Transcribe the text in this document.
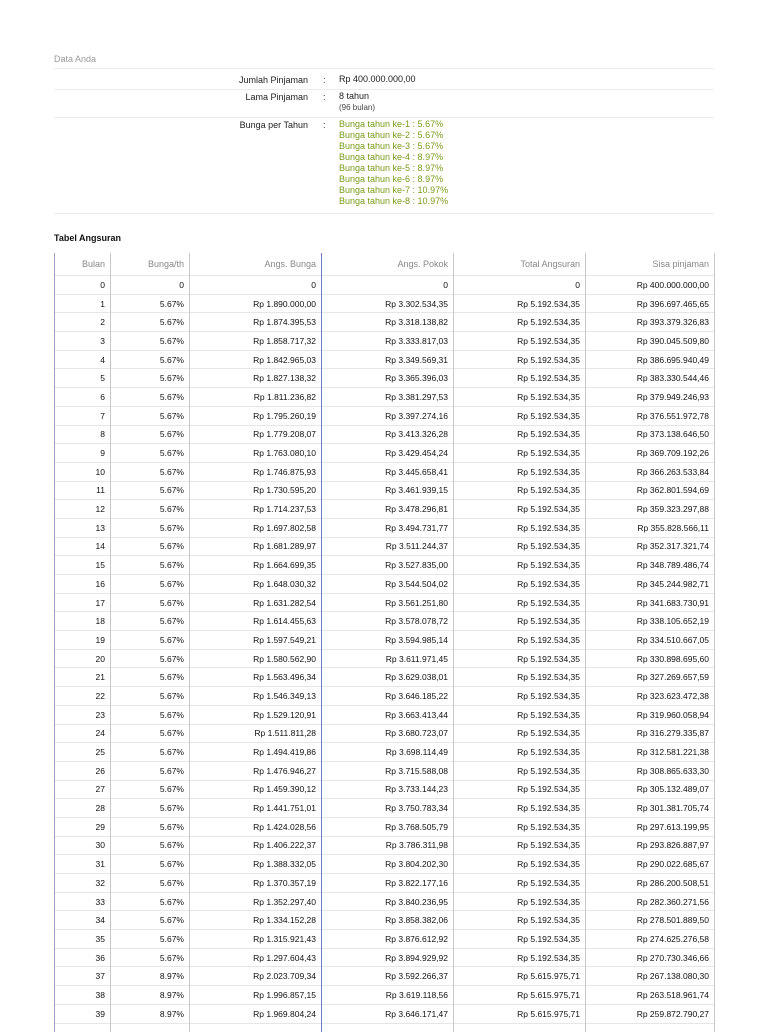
Data Anda
Jumlah Pinjaman : Rp 400.000.000,00
Lama Pinjaman : 8 tahun
(96 bulan)
Bunga per Tahun : Bunga tahun ke-1 : 5.67%
Bunga tahun ke-2 : 5.67%
Bunga tahun ke-3 : 5.67%
Bunga tahun ke-4 : 8.97%
Bunga tahun ke-5 : 8.97%
Bunga tahun ke-6 : 8.97%
Bunga tahun ke-7 : 10.97%
Bunga tahun ke-8 : 10.97%
Tabel Angsuran
Bulan	Bunga/th	Angs. Bunga	Angs. Pokok	Total Angsuran	Sisa pinjaman
0	0	0	0	0	Rp 400.000.000,00
1	5.67%	Rp 1.890.000,00	Rp 3.302.534,35	Rp 5.192.534,35	Rp 396.697.465,65
2	5.67%	Rp 1.874.395,53	Rp 3.318.138,82	Rp 5.192.534,35	Rp 393.379.326,83
3	5.67%	Rp 1.858.717,32	Rp 3.333.817,03	Rp 5.192.534,35	Rp 390.045.509,80
4	5.67%	Rp 1.842.965,03	Rp 3.349.569,31	Rp 5.192.534,35	Rp 386.695.940,49
5	5.67%	Rp 1.827.138,32	Rp 3.365.396,03	Rp 5.192.534,35	Rp 383.330.544,46
6	5.67%	Rp 1.811.236,82	Rp 3.381.297,53	Rp 5.192.534,35	Rp 379.949.246,93
7	5.67%	Rp 1.795.260,19	Rp 3.397.274,16	Rp 5.192.534,35	Rp 376.551.972,78
8	5.67%	Rp 1.779.208,07	Rp 3.413.326,28	Rp 5.192.534,35	Rp 373.138.646,50
9	5.67%	Rp 1.763.080,10	Rp 3.429.454,24	Rp 5.192.534,35	Rp 369.709.192,26
10	5.67%	Rp 1.746.875,93	Rp 3.445.658,41	Rp 5.192.534,35	Rp 366.263.533,84
11	5.67%	Rp 1.730.595,20	Rp 3.461.939,15	Rp 5.192.534,35	Rp 362.801.594,69
12	5.67%	Rp 1.714.237,53	Rp 3.478.296,81	Rp 5.192.534,35	Rp 359.323.297,88
13	5.67%	Rp 1.697.802,58	Rp 3.494.731,77	Rp 5.192.534,35	Rp 355.828.566,11
14	5.67%	Rp 1.681.289,97	Rp 3.511.244,37	Rp 5.192.534,35	Rp 352.317.321,74
15	5.67%	Rp 1.664.699,35	Rp 3.527.835,00	Rp 5.192.534,35	Rp 348.789.486,74
16	5.67%	Rp 1.648.030,32	Rp 3.544.504,02	Rp 5.192.534,35	Rp 345.244.982,71
17	5.67%	Rp 1.631.282,54	Rp 3.561.251,80	Rp 5.192.534,35	Rp 341.683.730,91
18	5.67%	Rp 1.614.455,63	Rp 3.578.078,72	Rp 5.192.534,35	Rp 338.105.652,19
19	5.67%	Rp 1.597.549,21	Rp 3.594.985,14	Rp 5.192.534,35	Rp 334.510.667,05
20	5.67%	Rp 1.580.562,90	Rp 3.611.971,45	Rp 5.192.534,35	Rp 330.898.695,60
21	5.67%	Rp 1.563.496,34	Rp 3.629.038,01	Rp 5.192.534,35	Rp 327.269.657,59
22	5.67%	Rp 1.546.349,13	Rp 3.646.185,22	Rp 5.192.534,35	Rp 323.623.472,38
23	5.67%	Rp 1.529.120,91	Rp 3.663.413,44	Rp 5.192.534,35	Rp 319.960.058,94
24	5.67%	Rp 1.511.811,28	Rp 3.680.723,07	Rp 5.192.534,35	Rp 316.279.335,87
25	5.67%	Rp 1.494.419,86	Rp 3.698.114,49	Rp 5.192.534,35	Rp 312.581.221,38
26	5.67%	Rp 1.476.946,27	Rp 3.715.588,08	Rp 5.192.534,35	Rp 308.865.633,30
27	5.67%	Rp 1.459.390,12	Rp 3.733.144,23	Rp 5.192.534,35	Rp 305.132.489,07
28	5.67%	Rp 1.441.751,01	Rp 3.750.783,34	Rp 5.192.534,35	Rp 301.381.705,74
29	5.67%	Rp 1.424.028,56	Rp 3.768.505,79	Rp 5.192.534,35	Rp 297.613.199,95
30	5.67%	Rp 1.406.222,37	Rp 3.786.311,98	Rp 5.192.534,35	Rp 293.826.887,97
31	5.67%	Rp 1.388.332,05	Rp 3.804.202,30	Rp 5.192.534,35	Rp 290.022.685,67
32	5.67%	Rp 1.370.357,19	Rp 3.822.177,16	Rp 5.192.534,35	Rp 286.200.508,51
33	5.67%	Rp 1.352.297,40	Rp 3.840.236,95	Rp 5.192.534,35	Rp 282.360.271,56
34	5.67%	Rp 1.334.152,28	Rp 3.858.382,06	Rp 5.192.534,35	Rp 278.501.889,50
35	5.67%	Rp 1.315.921,43	Rp 3.876.612,92	Rp 5.192.534,35	Rp 274.625.276,58
36	5.67%	Rp 1.297.604,43	Rp 3.894.929,92	Rp 5.192.534,35	Rp 270.730.346,66
37	8.97%	Rp 2.023.709,34	Rp 3.592.266,37	Rp 5.615.975,71	Rp 267.138.080,30
38	8.97%	Rp 1.996.857,15	Rp 3.619.118,56	Rp 5.615.975,71	Rp 263.518.961,74
39	8.97%	Rp 1.969.804,24	Rp 3.646.171,47	Rp 5.615.975,71	Rp 259.872.790,27
